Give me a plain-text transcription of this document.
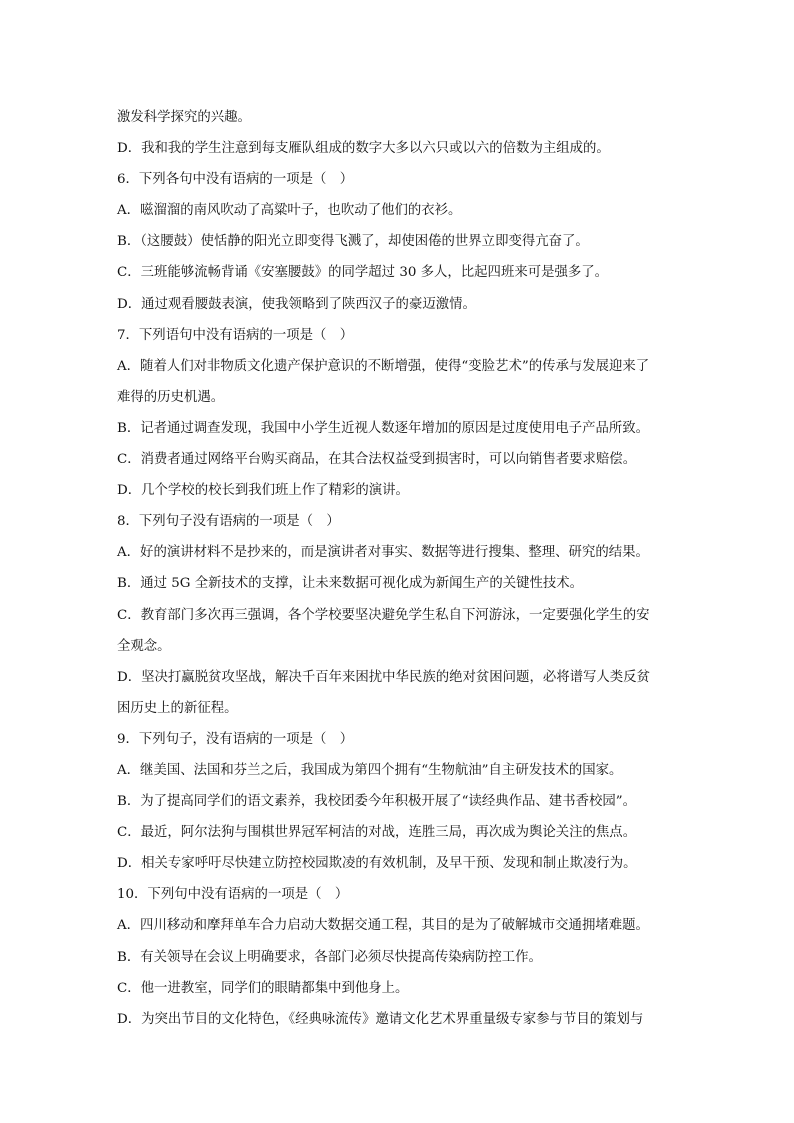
激发科学探究的兴趣。
D．我和我的学生注意到每支雁队组成的数字大多以六只或以六的倍数为主组成的。
6．下列各句中没有语病的一项是（　）
A．嗞溜溜的南风吹动了高粱叶子，也吹动了他们的衣衫。
B．（这腰鼓）使恬静的阳光立即变得飞溅了，却使困倦的世界立即变得亢奋了。
C．三班能够流畅背诵《安塞腰鼓》的同学超过 30 多人，比起四班来可是强多了。
D．通过观看腰鼓表演，使我领略到了陕西汉子的豪迈激情。
7．下列语句中没有语病的一项是（　）
A．随着人们对非物质文化遗产保护意识的不断增强，使得“变脸艺术”的传承与发展迎来了
难得的历史机遇。
B．记者通过调查发现，我国中小学生近视人数逐年增加的原因是过度使用电子产品所致。
C．消费者通过网络平台购买商品，在其合法权益受到损害时，可以向销售者要求赔偿。
D．几个学校的校长到我们班上作了精彩的演讲。
8．下列句子没有语病的一项是（　）
A．好的演讲材料不是抄来的，而是演讲者对事实、数据等进行搜集、整理、研究的结果。
B．通过 5G 全新技术的支撑，让未来数据可视化成为新闻生产的关键性技术。
C．教育部门多次再三强调，各个学校要坚决避免学生私自下河游泳，一定要强化学生的安
全观念。
D．坚决打赢脱贫攻坚战，解决千百年来困扰中华民族的绝对贫困问题，必将谱写人类反贫
困历史上的新征程。
9．下列句子，没有语病的一项是（　）
A．继美国、法国和芬兰之后，我国成为第四个拥有“生物航油”自主研发技术的国家。
B．为了提高同学们的语文素养，我校团委今年积极开展了“读经典作品、建书香校园”。
C．最近，阿尔法狗与围棋世界冠军柯洁的对战，连胜三局，再次成为舆论关注的焦点。
D．相关专家呼吁尽快建立防控校园欺凌的有效机制，及早干预、发现和制止欺凌行为。
10．下列句中没有语病的一项是（　）
A．四川移动和摩拜单车合力启动大数据交通工程，其目的是为了破解城市交通拥堵难题。
B．有关领导在会议上明确要求，各部门必须尽快提高传染病防控工作。
C．他一进教室，同学们的眼睛都集中到他身上。
D．为突出节目的文化特色，《经典咏流传》邀请文化艺术界重量级专家参与节目的策划与
